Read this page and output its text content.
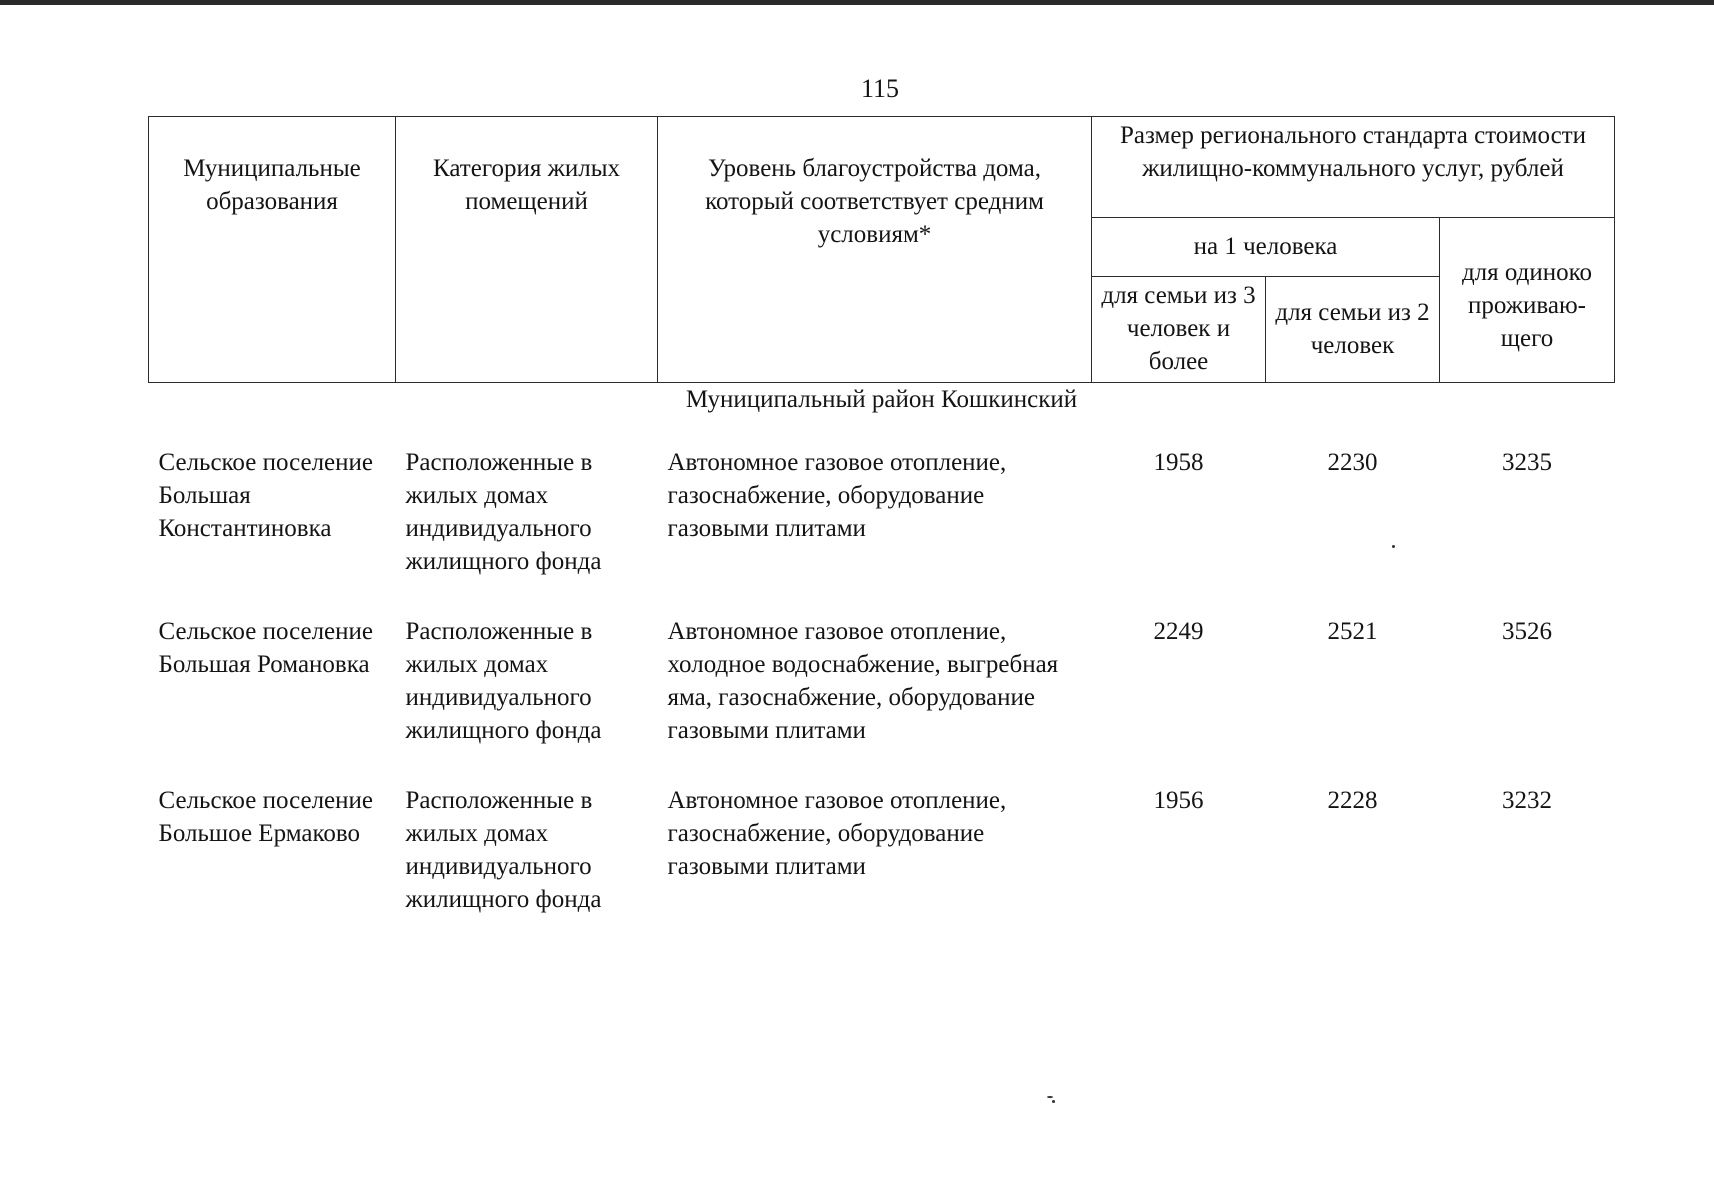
115
Муниципальные образования	Категория жилых помещений	Уровень благоустройства дома, который соответствует средним условиям*	Размер регионального стандарта стоимости жилищно-коммунального услуг, рублей		
			на 1 человека		для одиноко проживаю-щего
			для семьи из 3 человек и более	для семьи из 2 человек	
Муниципальный район Кошкинский					
Сельское поселение Большая Константиновка	Расположенные в жилых домах индивидуального жилищного фонда	Автономное газовое отопление, газоснабжение, оборудование газовыми плитами	1958	2230	3235
Сельское поселение Большая Романовка	Расположенные в жилых домах индивидуального жилищного фонда	Автономное газовое отопление, холодное водоснабжение, выгребная яма, газоснабжение, оборудование газовыми плитами	2249	2521	3526
Сельское поселение Большое Ермаково	Расположенные в жилых домах индивидуального жилищного фонда	Автономное газовое отопление, газоснабжение, оборудование газовыми плитами	1956	2228	3232
